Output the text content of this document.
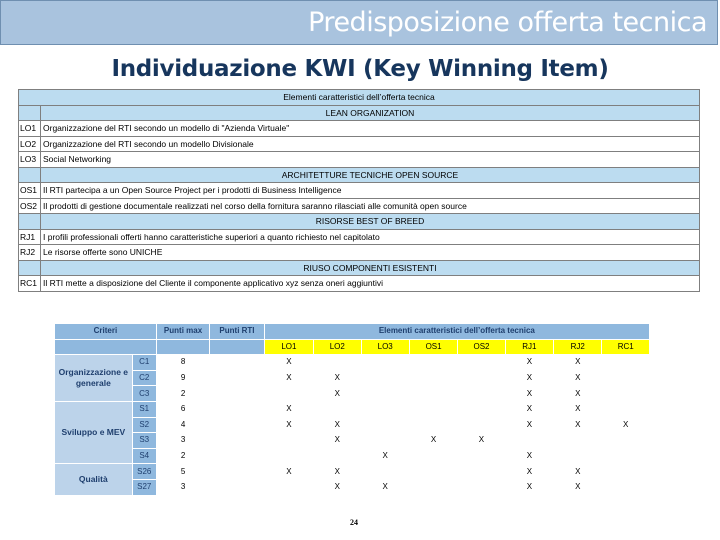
Predisposizione offerta tecnica
Individuazione KWI (Key Winning Item)
Elementi caratteristici dell’offerta tecnica	
	LEAN ORGANIZATION
LO1	Organizzazione del RTI secondo un modello di "Azienda Virtuale"
LO2	Organizzazione del RTI secondo un modello Divisionale
LO3	Social Networking
	ARCHITETTURE TECNICHE OPEN SOURCE
OS1	Il RTI partecipa a un Open Source Project per i prodotti di Business Intelligence
OS2	Il prodotti di gestione documentale realizzati nel corso della fornitura saranno rilasciati alle comunità open source
	RISORSE BEST OF BREED
RJ1	I profili professionali offerti hanno caratteristiche superiori a quanto richiesto nel capitolato
RJ2	Le risorse offerte sono UNICHE
	RIUSO COMPONENTI ESISTENTI
RC1	Il RTI mette a disposizione del Cliente il componente applicativo xyz senza oneri aggiuntivi
Criteri		Punti max	Punti RTI	Elementi caratteristici dell’offerta tecnica							
				LO1	LO2	LO3	OS1	OS2	RJ1	RJ2	RC1
Organizzazione e generale	C1	8		X					X	X	
	C2	9		X	X				X	X	
	C3	2			X				X	X	
Sviluppo e MEV	S1	6		X					X	X	
	S2	4		X	X				X	X	X
	S3	3			X		X	X			
	S4	2				X			X		
Qualità	S26	5		X	X				X	X	
	S27	3			X	X			X	X	
24
